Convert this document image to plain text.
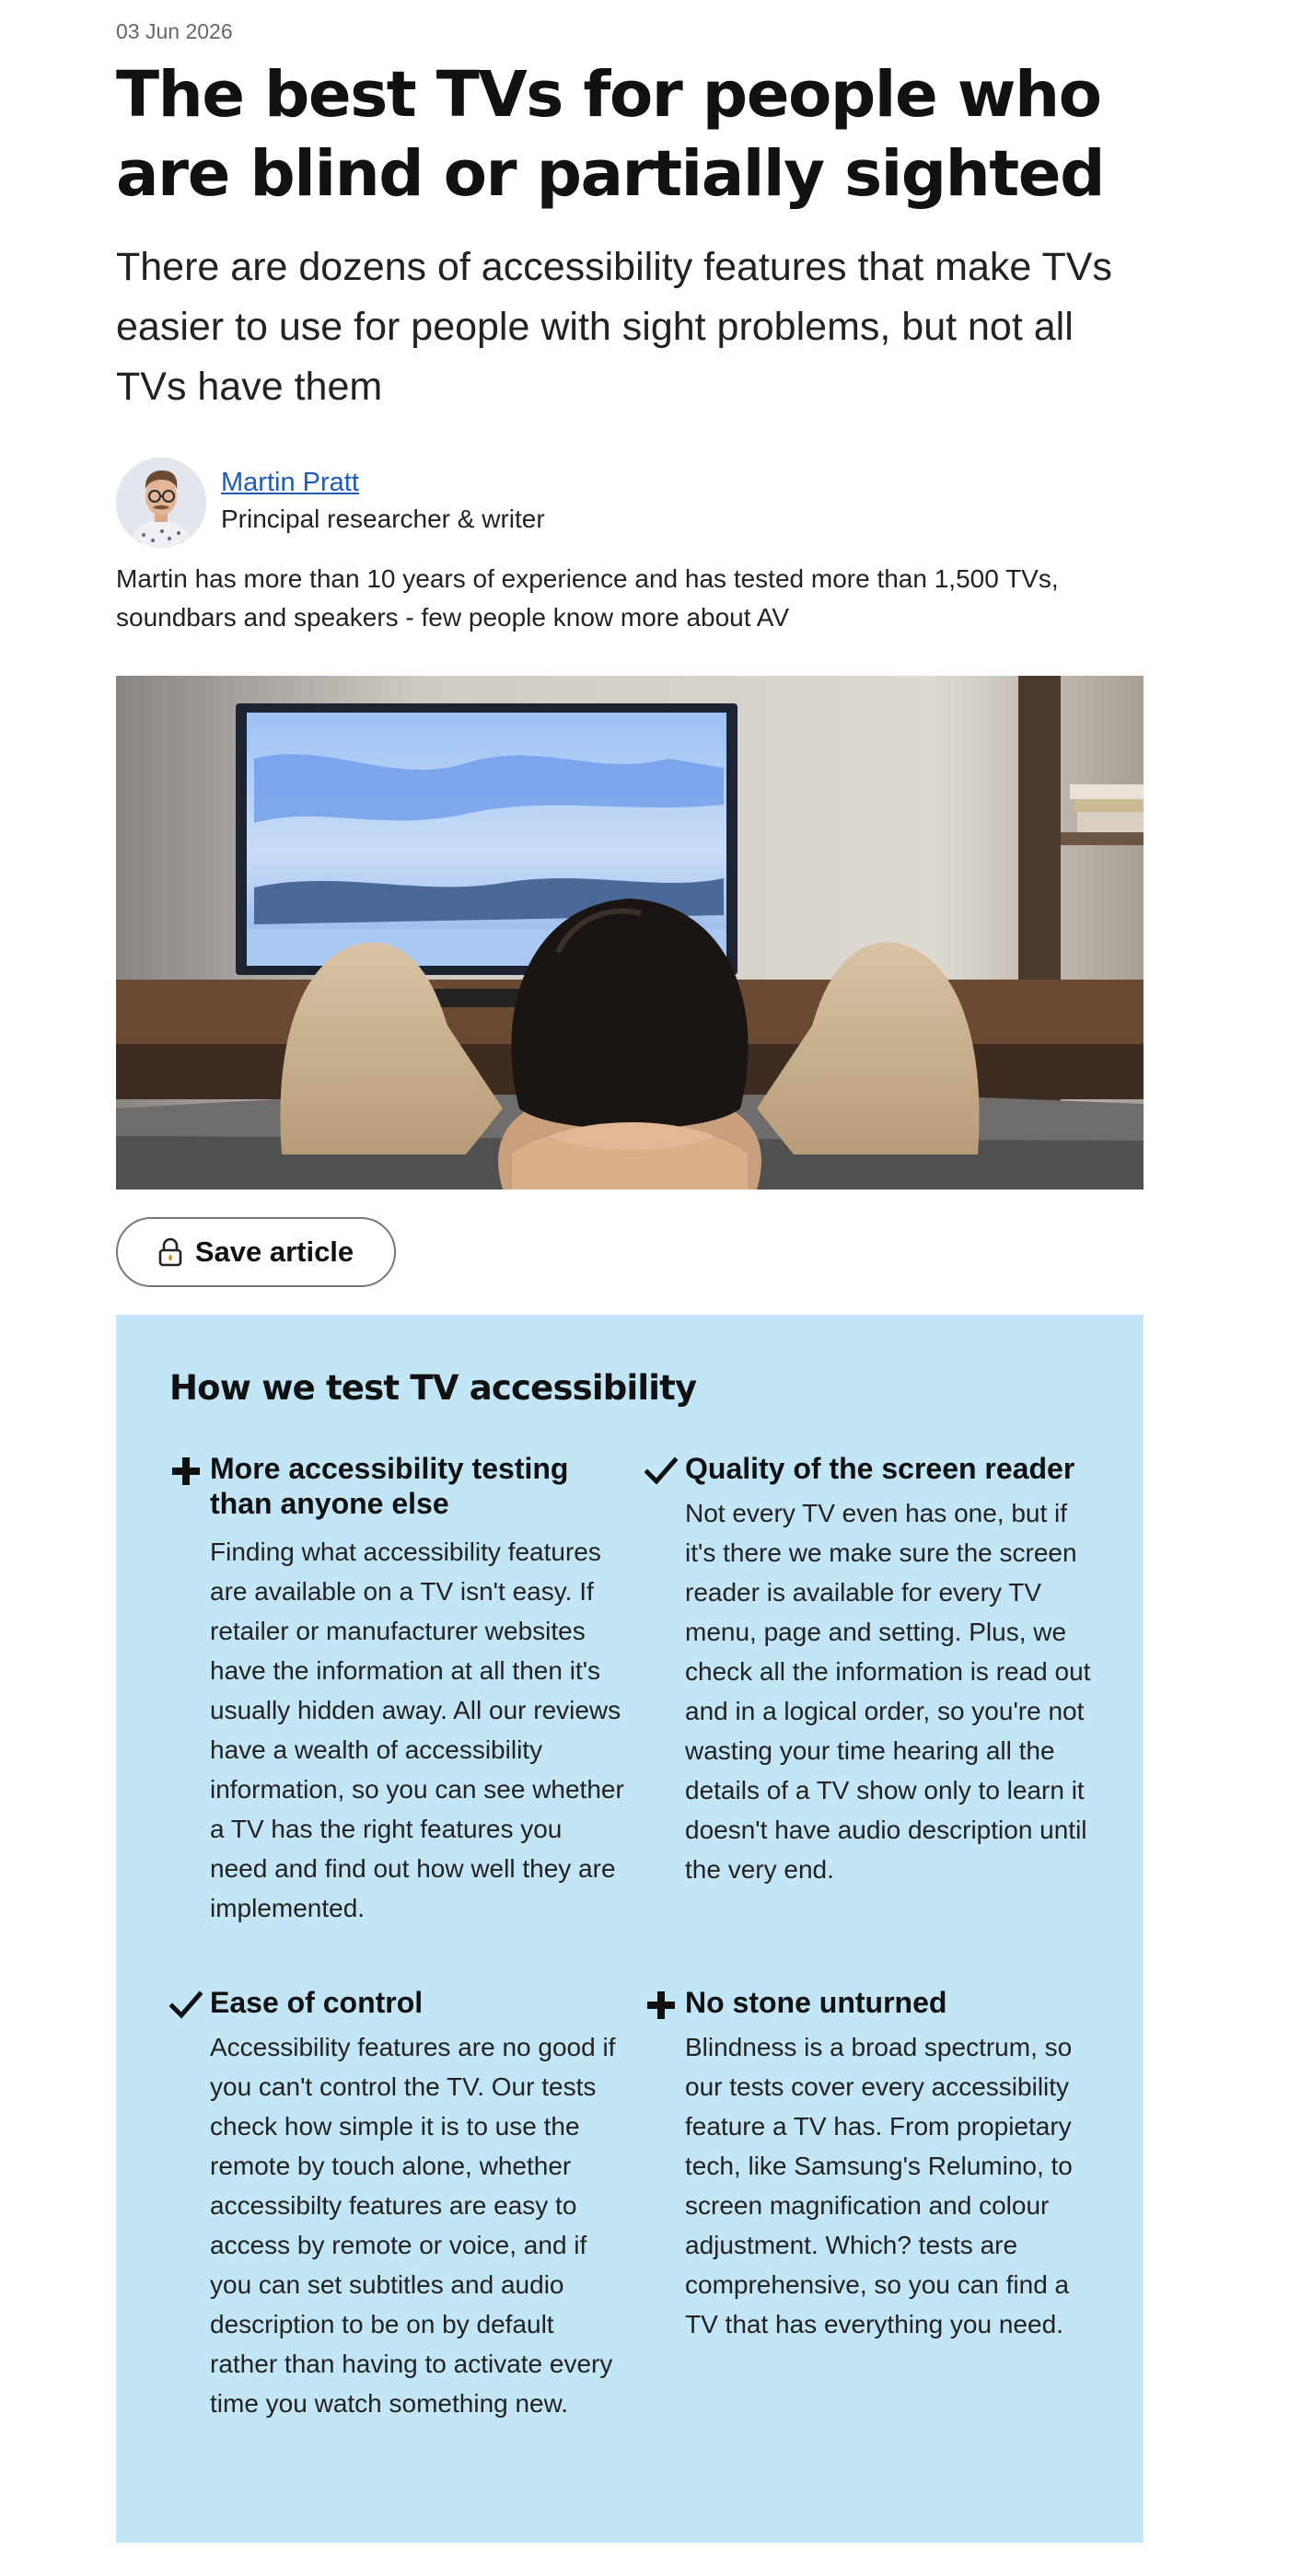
03 Jun 2026
The best TVs for people who are blind or partially sighted

There are dozens of accessibility features that make TVs easier to use for people with sight problems, but not all TVs have them

Martin Pratt
Principal researcher & writer

Martin has more than 10 years of experience and has tested more than 1,500 TVs, soundbars and speakers - few people know more about AV

Save article
How we test TV accessibility
More accessibility testing than anyone else

Finding what accessibility features are available on a TV isn't easy. If retailer or manufacturer websites have the information at all then it's usually hidden away. All our reviews have a wealth of accessibility information, so you can see whether a TV has the right features you need and find out how well they are implemented.

Quality of the screen reader

Not every TV even has one, but if it's there we make sure the screen reader is available for every TV menu, page and setting. Plus, we check all the information is read out and in a logical order, so you're not wasting your time hearing all the details of a TV show only to learn it doesn't have audio description until the very end.

Ease of control

Accessibility features are no good if you can't control the TV. Our tests check how simple it is to use the remote by touch alone, whether accessibilty features are easy to access by remote or voice, and if you can set subtitles and audio description to be on by default rather than having to activate every time you watch something new.

No stone unturned

Blindness is a broad spectrum, so our tests cover every accessibility feature a TV has. From propietary tech, like Samsung's Relumino, to screen magnification and colour adjustment. Which? tests are comprehensive, so you can find a TV that has everything you need.
